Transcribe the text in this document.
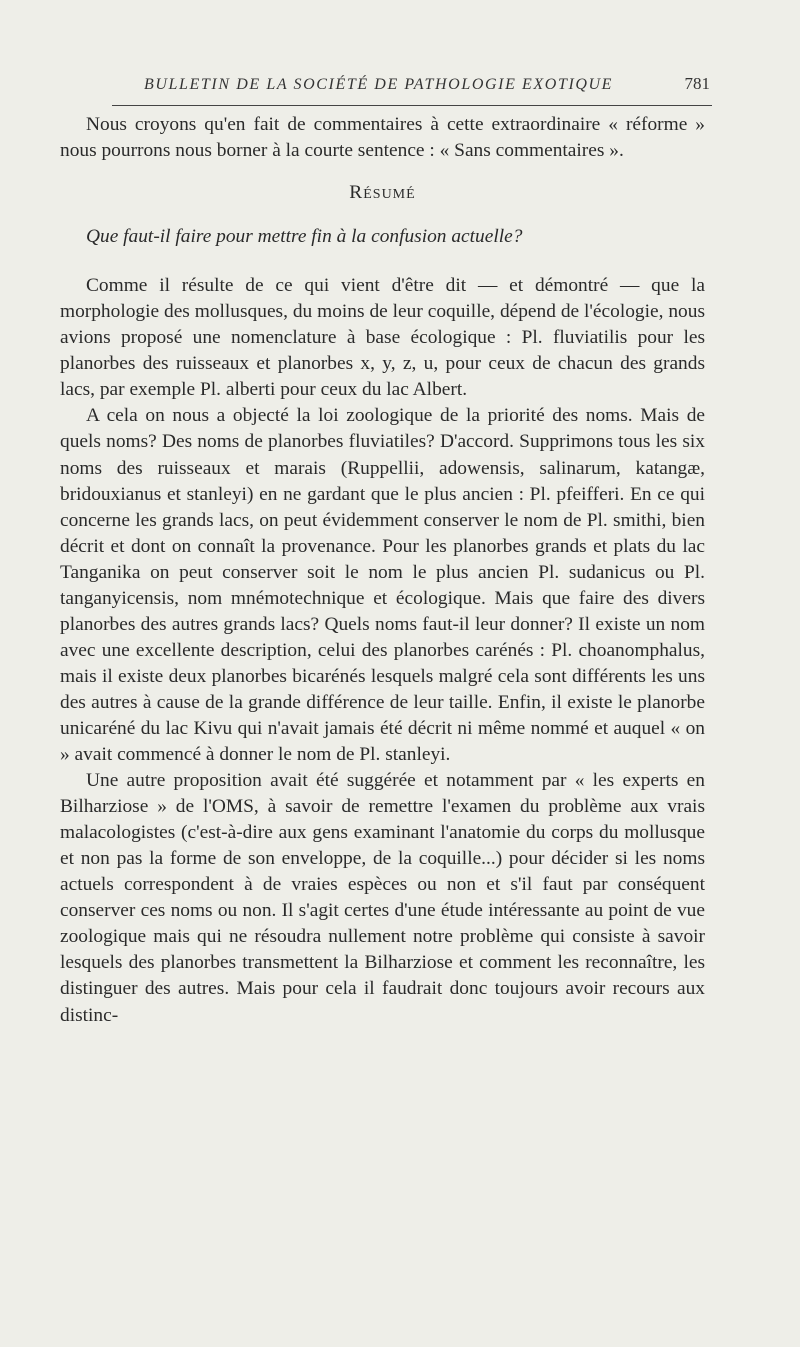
BULLETIN DE LA SOCIÉTÉ DE PATHOLOGIE EXOTIQUE	781

Nous croyons qu'en fait de commentaires à cette extraordinaire « réforme » nous pourrons nous borner à la courte sentence : « Sans commentaires ».

Résumé

Que faut-il faire pour mettre fin à la confusion actuelle?

Comme il résulte de ce qui vient d'être dit — et démontré — que la morphologie des mollusques, du moins de leur coquille, dépend de l'écologie, nous avions proposé une nomenclature à base écologique : Pl. fluviatilis pour les planorbes des ruisseaux et planorbes x, y, z, u, pour ceux de chacun des grands lacs, par exemple Pl. alberti pour ceux du lac Albert.

A cela on nous a objecté la loi zoologique de la priorité des noms. Mais de quels noms? Des noms de planorbes fluviatiles? D'accord. Supprimons tous les six noms des ruisseaux et marais (Ruppellii, adowensis, salinarum, katangæ, bridouxianus et stanleyi) en ne gardant que le plus ancien : Pl. pfeifferi. En ce qui concerne les grands lacs, on peut évidemment conserver le nom de Pl. smithi, bien décrit et dont on connaît la provenance. Pour les planorbes grands et plats du lac Tanganika on peut conserver soit le nom le plus ancien Pl. sudanicus ou Pl. tanganyicensis, nom mnémotechnique et écologique. Mais que faire des divers planorbes des autres grands lacs? Quels noms faut-il leur donner? Il existe un nom avec une excellente description, celui des planorbes carénés : Pl. choanomphalus, mais il existe deux planorbes bicarénés lesquels malgré cela sont différents les uns des autres à cause de la grande différence de leur taille. Enfin, il existe le planorbe unicaréné du lac Kivu qui n'avait jamais été décrit ni même nommé et auquel « on » avait commencé à donner le nom de Pl. stanleyi.

Une autre proposition avait été suggérée et notamment par « les experts en Bilharziose » de l'OMS, à savoir de remettre l'examen du problème aux vrais malacologistes (c'est-à-dire aux gens examinant l'anatomie du corps du mollusque et non pas la forme de son enveloppe, de la coquille...) pour décider si les noms actuels correspondent à de vraies espèces ou non et s'il faut par conséquent conserver ces noms ou non. Il s'agit certes d'une étude intéressante au point de vue zoologique mais qui ne résoudra nullement notre problème qui consiste à savoir lesquels des planorbes transmettent la Bilharziose et comment les reconnaître, les distinguer des autres. Mais pour cela il faudrait donc toujours avoir recours aux distinc-
